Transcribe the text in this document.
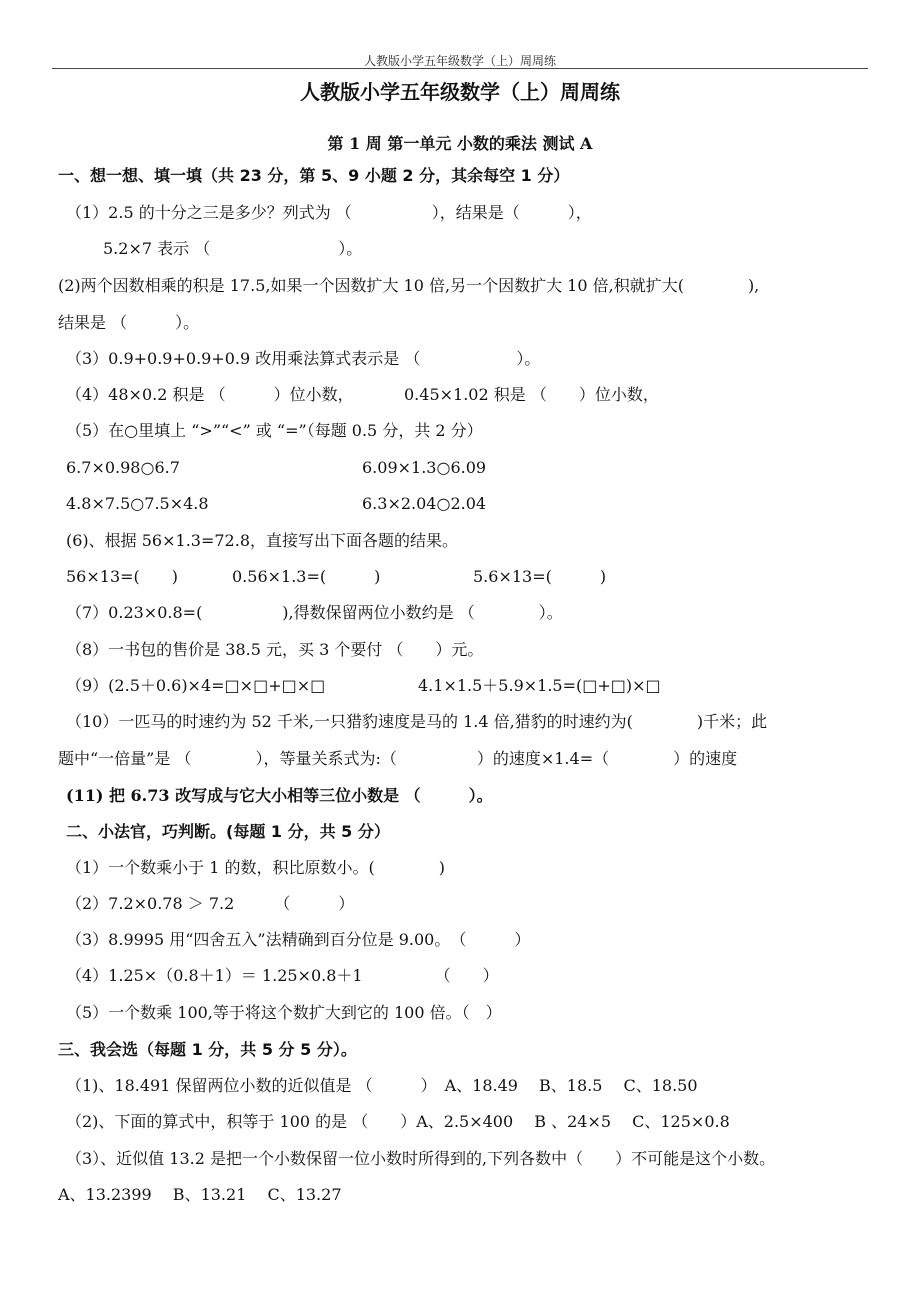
人教版小学五年级数学（上）周周练
人教版小学五年级数学（上）周周练
第 1 周 第一单元 小数的乘法 测试 A
一、想一想、填一填（共 23 分，第 5、9 小题 2 分，其余每空 1 分）
（1）2.5 的十分之三是多少？列式为 （　　　　　），结果是（　　　），
5.2×7 表示 （　　　　　　　　）。
(2)两个因数相乘的积是 17.5,如果一个因数扩大 10 倍,另一个因数扩大 10 倍,积就扩大(　　　　),
结果是 （　　　）。
（3）0.9+0.9+0.9+0.9 改用乘法算式表示是 （　　　　　　）。
（4）48×0.2 积是 （　　　）位小数，	0.45×1.02 积是 （　　）位小数，
（5）在○里填上 “>”“<” 或 “=”（每题 0.5 分，共 2 分）
6.7×0.98○6.7	6.09×1.3○6.09
4.8×7.5○7.5×4.8	6.3×2.04○2.04
(6)、根据 56×1.3=72.8，直接写出下面各题的结果。
56×13=(　　)	0.56×1.3=(　　　)	5.6×13=(　　　)
（7）0.23×0.8=(　　　　　),得数保留两位小数约是 （　　　　）。
（8）一书包的售价是 38.5 元，买 3 个要付 （　　）元。
（9）(2.5＋0.6)×4=□×□+□×□	4.1×1.5＋5.9×1.5=(□+□)×□
（10）一匹马的时速约为 52 千米,一只猎豹速度是马的 1.4 倍,猎豹的时速约为(　　　　)千米；此
题中“一倍量”是 （　　　　），等量关系式为:（　　　　　）的速度×1.4=（　　　　）的速度
(11) 把 6.73 改写成与它大小相等三位小数是 （　　　）。
二、小法官，巧判断。(每题 1 分，共 5 分）
（1）一个数乘小于 1 的数，积比原数小。(　　　　)
（2）7.2×0.78 ＞ 7.2　　　（　　　）
（3）8.9995 用“四舍五入”法精确到百分位是 9.00。　（　　　）
（4）1.25×（0.8＋1）＝ 1.25×0.8＋1　　　　　（　　）
（5）一个数乘 100,等于将这个数扩大到它的 100 倍。（　）
三、我会选（每题 1 分，共 5 分 5 分）。
（1)、18.491 保留两位小数的近似值是 （　　　）　A、18.49　 B、18.5　 C、18.50
（2)、下面的算式中，积等于 100 的是 （　　）A、2.5×400　 B 、24×5　 C、125×0.8
（3）、近似值 13.2 是把一个小数保留一位小数时所得到的,下列各数中（　　）不可能是这个小数。
A、13.2399　 B、13.21　 C、13.27
